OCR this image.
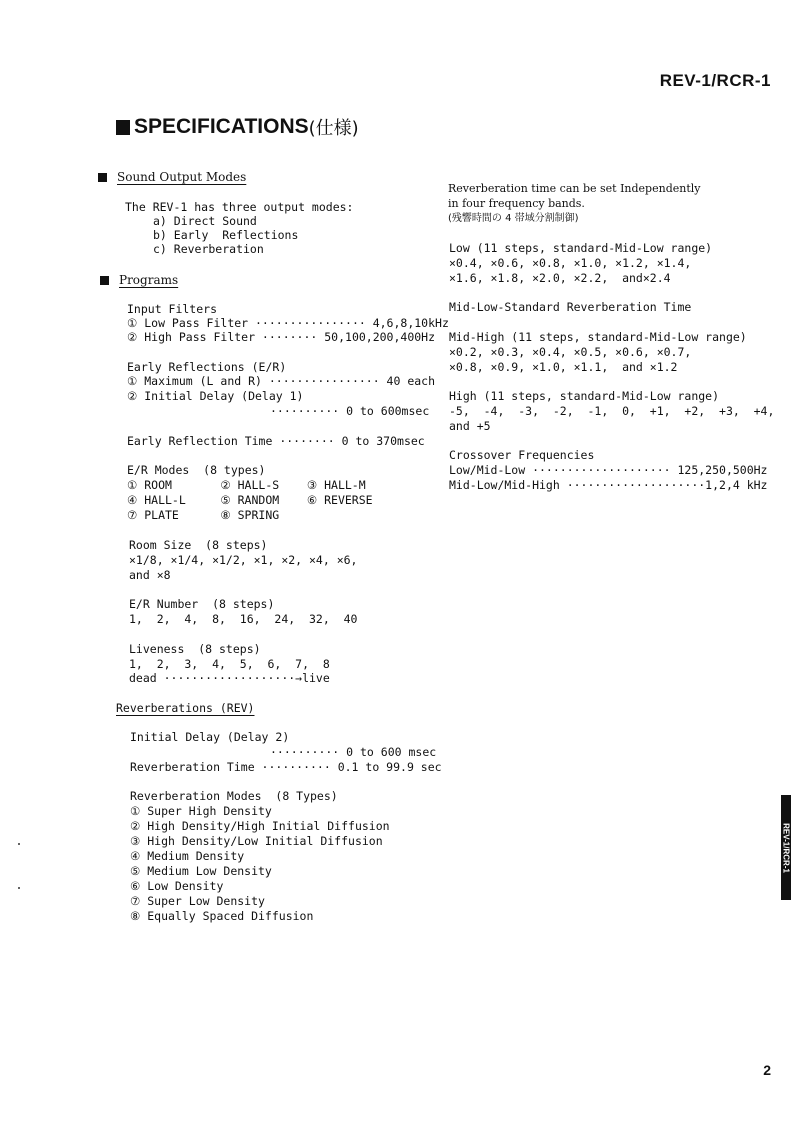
REV-1/RCR-1
SPECIFICATIONS (仕様)
Sound Output Modes
The REV-1 has three output modes:
a) Direct Sound
b) Early  Reflections
c) Reverberation
Programs
Input Filters
① Low Pass Filter ················ 4,6,8,10kHz
② High Pass Filter ········ 50,100,200,400Hz
Early Reflections (E/R)
① Maximum (L and R) ················ 40 each
② Initial Delay (Delay 1)
·········· 0 to 600msec
Early Reflection Time ········ 0 to 370msec
E/R Modes  (8 types)
① ROOM       ② HALL-S    ③ HALL-M
④ HALL-L     ⑤ RANDOM    ⑥ REVERSE
⑦ PLATE      ⑧ SPRING
Room Size  (8 steps)
×1/8, ×1/4, ×1/2, ×1, ×2, ×4, ×6,
and ×8
E/R Number  (8 steps)
1,  2,  4,  8,  16,  24,  32,  40
Liveness  (8 steps)
1,  2,  3,  4,  5,  6,  7,  8
dead ···················→live
Reverberations (REV)
Initial Delay (Delay 2)
·········· 0 to 600 msec
Reverberation Time ·········· 0.1 to 99.9 sec
Reverberation Modes  (8 Types)
① Super High Density
② High Density/High Initial Diffusion
③ High Density/Low Initial Diffusion
④ Medium Density
⑤ Medium Low Density
⑥ Low Density
⑦ Super Low Density
⑧ Equally Spaced Diffusion
Reverberation time can be set Independently
in four frequency bands.
(残響時間の 4 帯域分割制御)
Low (11 steps, standard-Mid-Low range)
×0.4, ×0.6, ×0.8, ×1.0, ×1.2, ×1.4,
×1.6, ×1.8, ×2.0, ×2.2,  and×2.4
Mid-Low-Standard Reverberation Time
Mid-High (11 steps, standard-Mid-Low range)
×0.2, ×0.3, ×0.4, ×0.5, ×0.6, ×0.7,
×0.8, ×0.9, ×1.0, ×1.1,  and ×1.2
High (11 steps, standard-Mid-Low range)
-5,  -4,  -3,  -2,  -1,  0,  +1,  +2,  +3,  +4,
and +5
Crossover Frequencies
Low/Mid-Low ···················· 125,250,500Hz
Mid-Low/Mid-High ····················1,2,4 kHz
REV-1/RCR-1
2
